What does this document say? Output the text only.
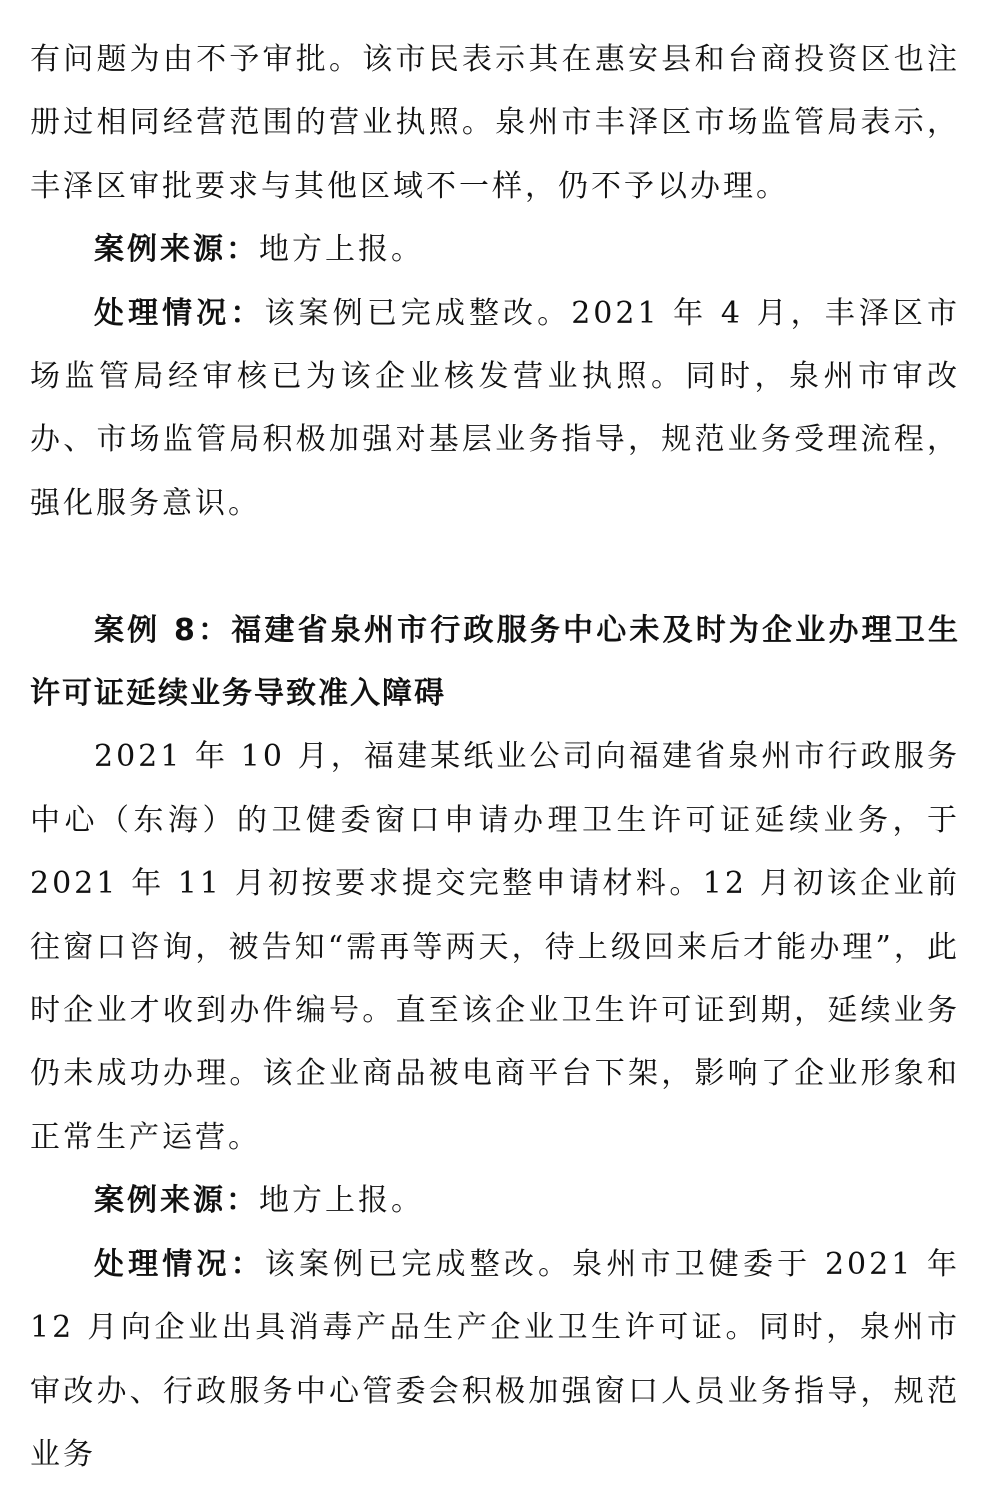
有问题为由不予审批。该市民表示其在惠安县和台商投资区也注册过相同经营范围的营业执照。泉州市丰泽区市场监管局表示，丰泽区审批要求与其他区域不一样，仍不予以办理。

案例来源：地方上报。

处理情况：该案例已完成整改。2021 年 4 月，丰泽区市场监管局经审核已为该企业核发营业执照。同时，泉州市审改办、市场监管局积极加强对基层业务指导，规范业务受理流程，强化服务意识。

案例 8：福建省泉州市行政服务中心未及时为企业办理卫生许可证延续业务导致准入障碍

2021 年 10 月，福建某纸业公司向福建省泉州市行政服务中心（东海）的卫健委窗口申请办理卫生许可证延续业务，于 2021 年 11 月初按要求提交完整申请材料。12 月初该企业前往窗口咨询，被告知“需再等两天，待上级回来后才能办理”，此时企业才收到办件编号。直至该企业卫生许可证到期，延续业务仍未成功办理。该企业商品被电商平台下架，影响了企业形象和正常生产运营。

案例来源：地方上报。

处理情况：该案例已完成整改。泉州市卫健委于 2021 年 12 月向企业出具消毒产品生产企业卫生许可证。同时，泉州市审改办、行政服务中心管委会积极加强窗口人员业务指导，规范业务
